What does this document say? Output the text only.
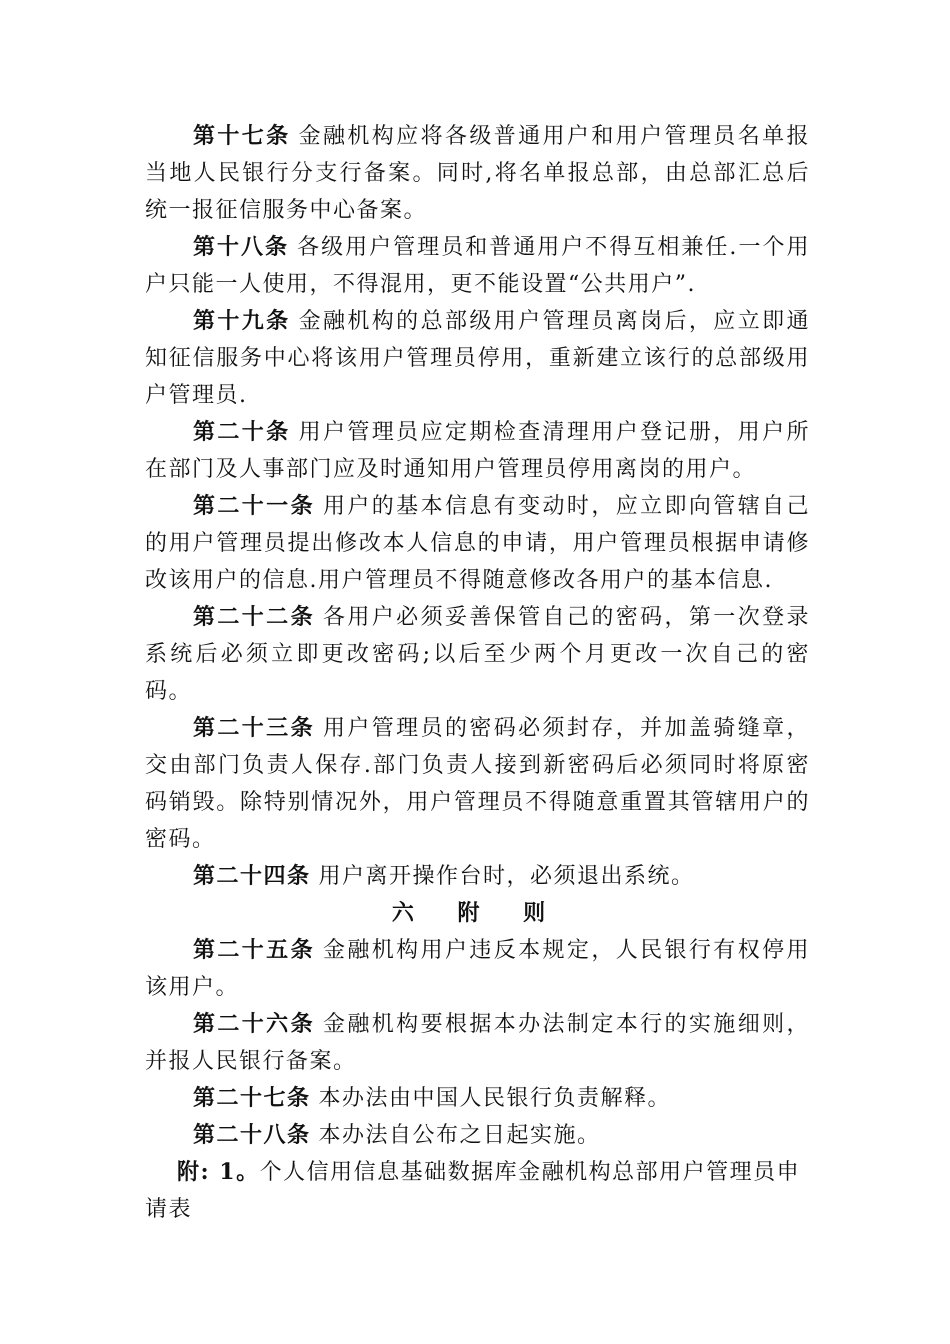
第十七条 金融机构应将各级普通用户和用户管理员名单报当地人民银行分支行备案。同时,将名单报总部，由总部汇总后统一报征信服务中心备案。

第十八条 各级用户管理员和普通用户不得互相兼任.一个用户只能一人使用，不得混用，更不能设置“公共用户”.

第十九条 金融机构的总部级用户管理员离岗后，应立即通知征信服务中心将该用户管理员停用，重新建立该行的总部级用户管理员.

第二十条 用户管理员应定期检查清理用户登记册，用户所在部门及人事部门应及时通知用户管理员停用离岗的用户。

第二十一条 用户的基本信息有变动时，应立即向管辖自己的用户管理员提出修改本人信息的申请，用户管理员根据申请修改该用户的信息.用户管理员不得随意修改各用户的基本信息.

第二十二条 各用户必须妥善保管自己的密码，第一次登录系统后必须立即更改密码;以后至少两个月更改一次自己的密码。

第二十三条 用户管理员的密码必须封存，并加盖骑缝章，交由部门负责人保存.部门负责人接到新密码后必须同时将原密码销毁。除特别情况外，用户管理员不得随意重置其管辖用户的密码。

第二十四条 用户离开操作台时，必须退出系统。

六 附 则

第二十五条 金融机构用户违反本规定，人民银行有权停用该用户。

第二十六条 金融机构要根据本办法制定本行的实施细则，并报人民银行备案。

第二十七条 本办法由中国人民银行负责解释。

第二十八条 本办法自公布之日起实施。

附: 1。个人信用信息基础数据库金融机构总部用户管理员申请表
